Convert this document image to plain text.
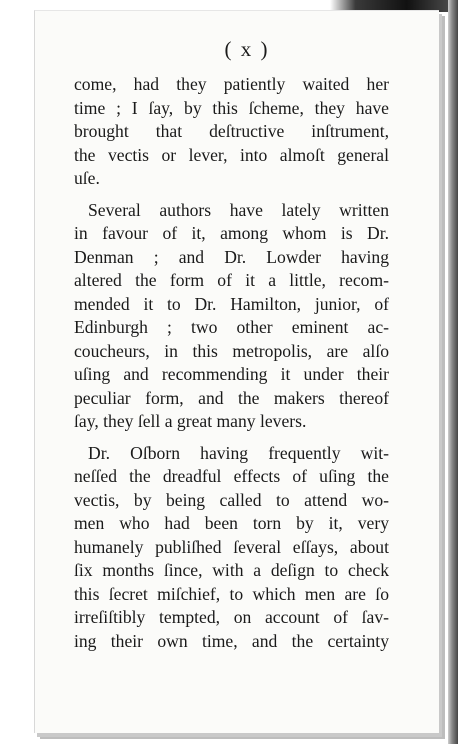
( x )
come, had they patiently waited her
time ; I ſay, by this ſcheme, they have
brought that deſtructive inſtrument,
the vectis or lever, into almoſt general
uſe.
Several authors have lately written
in favour of it, among whom is Dr.
Denman ; and Dr. Lowder having
altered the form of it a little, recom-
mended it to Dr. Hamilton, junior, of
Edinburgh ; two other eminent ac-
coucheurs, in this metropolis, are alſo
uſing and recommending it under their
peculiar form, and the makers thereof
ſay, they ſell a great many levers.
Dr. Oſborn having frequently wit-
neſſed the dreadful effects of uſing the
vectis, by being called to attend wo-
men who had been torn by it, very
humanely publiſhed ſeveral eſſays, about
ſix months ſince, with a deſign to check
this ſecret miſchief, to which men are ſo
irreſiſtibly tempted, on account of ſav-
ing their own time, and the certainty
